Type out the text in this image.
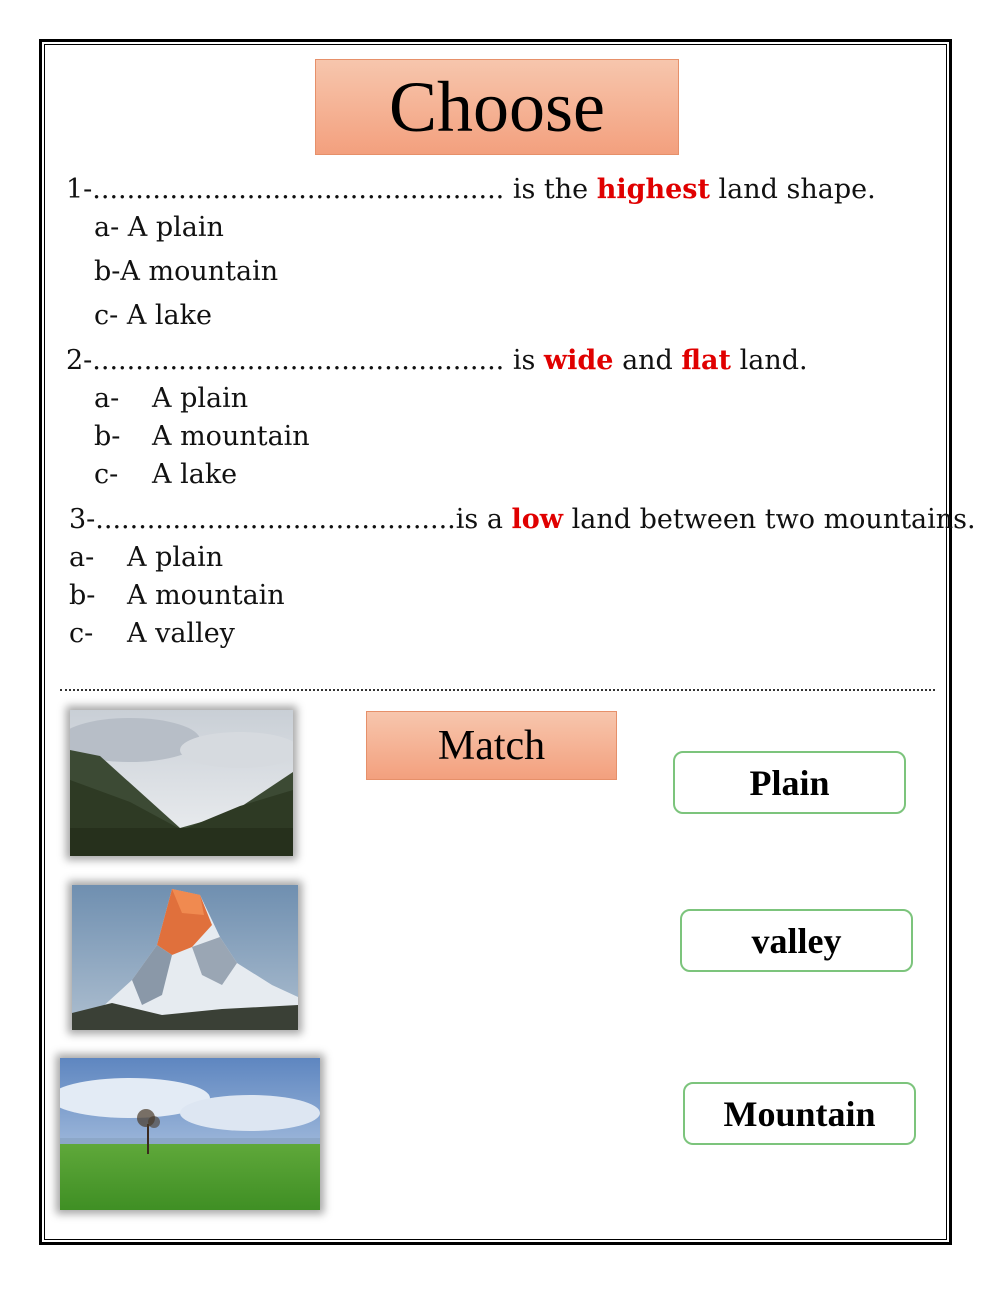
Choose
1-................................................ is the highest land shape.
a- A plain
b-A mountain
c- A lake
2-................................................ is wide and flat land.
a- A plain
b- A mountain
c- A lake
3-..........................................is a low land between two mountains.
a- A plain
b- A mountain
c- A valley
Match
Plain
valley
Mountain
